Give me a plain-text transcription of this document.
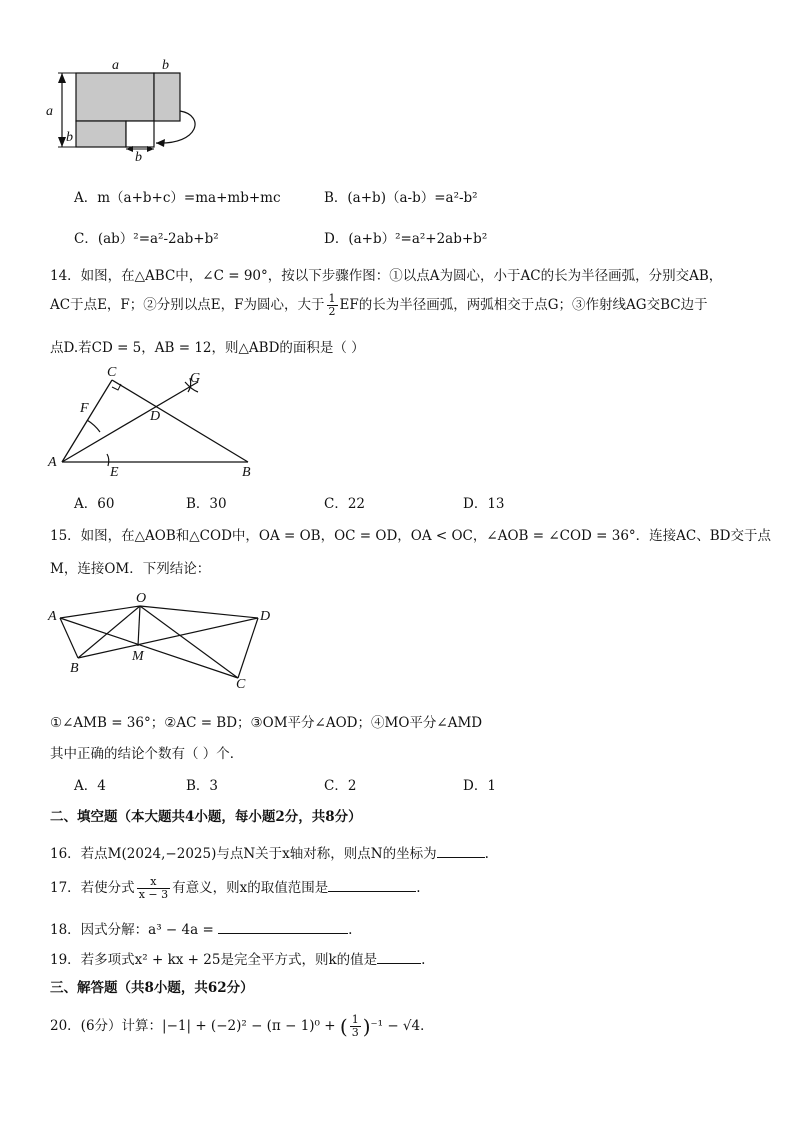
a	b
a
b
b
A．m（a+b+c）=ma+mb+mc	B．(a+b)（a-b）=a²-b²
C．(ab）²=a²-2ab+b²	D．(a+b）²=a²+2ab+b²
14．如图，在△ABC中，∠C = 90°，按以下步骤作图：①以点A为圆心，小于AC的长为半径画弧，分别交AB，
AC于点E，F；②分别以点E，F为圆心，大于 $\frac{1}{2}$ EF的长为半径画弧，两弧相交于点G；③作射线AG交BC边于
点D.若CD = 5，AB = 12，则△ABD的面积是（ ）
C	G
F
D
A
E	B
A．60	B．30	C．22	D．13
15．如图，在△AOB和△COD中，OA = OB，OC = OD，OA < OC，∠AOB = ∠COD = 36°．连接AC、BD交于点
M，连接OM．下列结论：
A
O
D
B
M
C
①∠AMB = 36°；②AC = BD；③OM平分∠AOD；④MO平分∠AMD
其中正确的结论个数有（ ）个．
A．4	B．3	C．2	D．1
二、填空题（本大题共4小题，每小题2分，共8分）
16．若点M(2024,−2025)与点N关于x轴对称，则点N的坐标为	.
17．若使分式 $\frac{x}{x - 3}$ 有意义，则x的取值范围是	.
18．因式分解：a³ − 4a =	.
19．若多项式x² + kx + 25是完全平方式，则k的值是	.
三、解答题（共8小题，共62分）
20．(6分）计算：|−1| + (−2)² − (π − 1)⁰ + ( $\frac{1}{3} )^{-1} - √4$．
